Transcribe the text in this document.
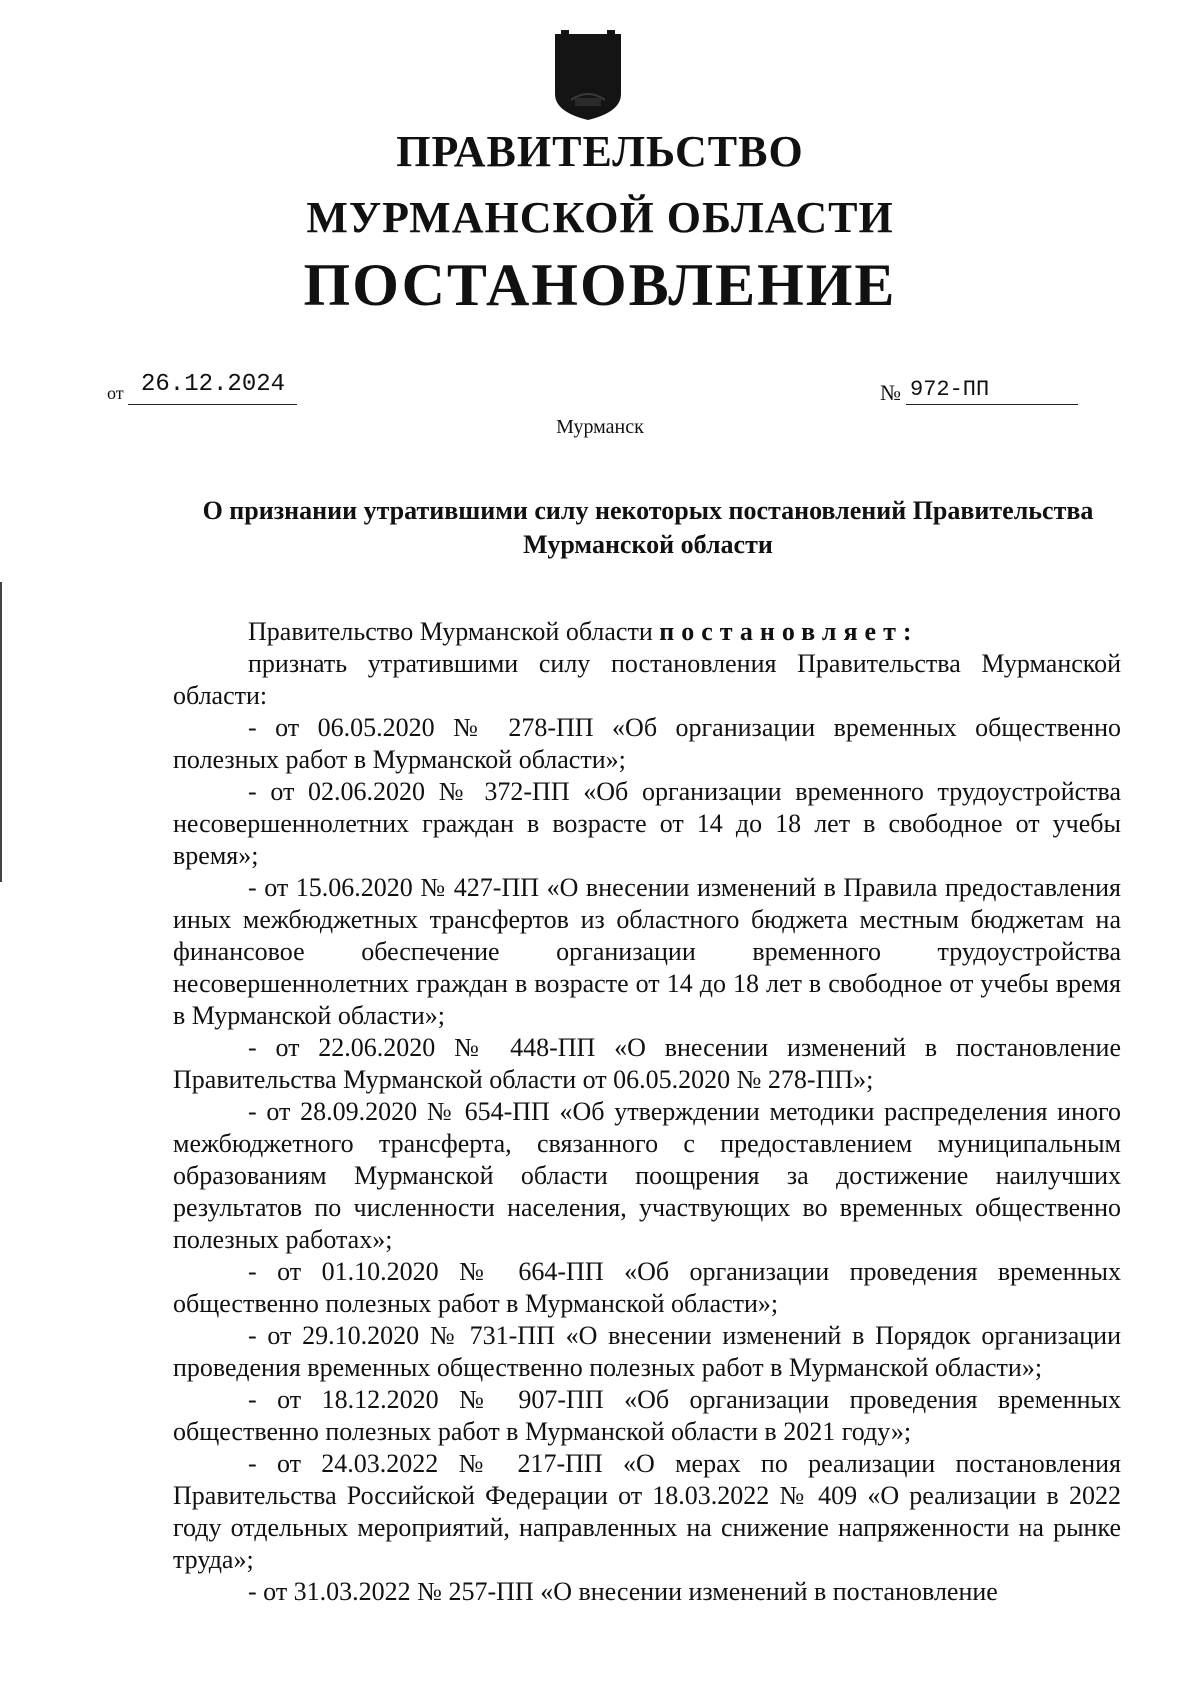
ПРАВИТЕЛЬСТВО
МУРМАНСКОЙ ОБЛАСТИ
ПОСТАНОВЛЕНИЕ
от 26.12.2024	№ 972-ПП
Мурманск
О признании утратившими силу некоторых постановлений Правительства Мурманской области

Правительство Мурманской области постановляет:

признать утратившими силу постановления Правительства Мурманской области:

- от 06.05.2020 № 278-ПП «Об организации временных общественно полезных работ в Мурманской области»;

- от 02.06.2020 № 372-ПП «Об организации временного трудоустройства несовершеннолетних граждан в возрасте от 14 до 18 лет в свободное от учебы время»;

- от 15.06.2020 № 427-ПП «О внесении изменений в Правила предоставления иных межбюджетных трансфертов из областного бюджета местным бюджетам на финансовое обеспечение организации временного трудоустройства несовершеннолетних граждан в возрасте от 14 до 18 лет в свободное от учебы время в Мурманской области»;

- от 22.06.2020 № 448-ПП «О внесении изменений в постановление Правительства Мурманской области от 06.05.2020 № 278-ПП»;

- от 28.09.2020 № 654-ПП «Об утверждении методики распределения иного межбюджетного трансферта, связанного с предоставлением муниципальным образованиям Мурманской области поощрения за достижение наилучших результатов по численности населения, участвующих во временных общественно полезных работах»;

- от 01.10.2020 № 664-ПП «Об организации проведения временных общественно полезных работ в Мурманской области»;

- от 29.10.2020 № 731-ПП «О внесении изменений в Порядок организации проведения временных общественно полезных работ в Мурманской области»;

- от 18.12.2020 № 907-ПП «Об организации проведения временных общественно полезных работ в Мурманской области в 2021 году»;

- от 24.03.2022 № 217-ПП «О мерах по реализации постановления Правительства Российской Федерации от 18.03.2022 № 409 «О реализации в 2022 году отдельных мероприятий, направленных на снижение напряженности на рынке труда»;

- от 31.03.2022 № 257-ПП «О внесении изменений в постановление
